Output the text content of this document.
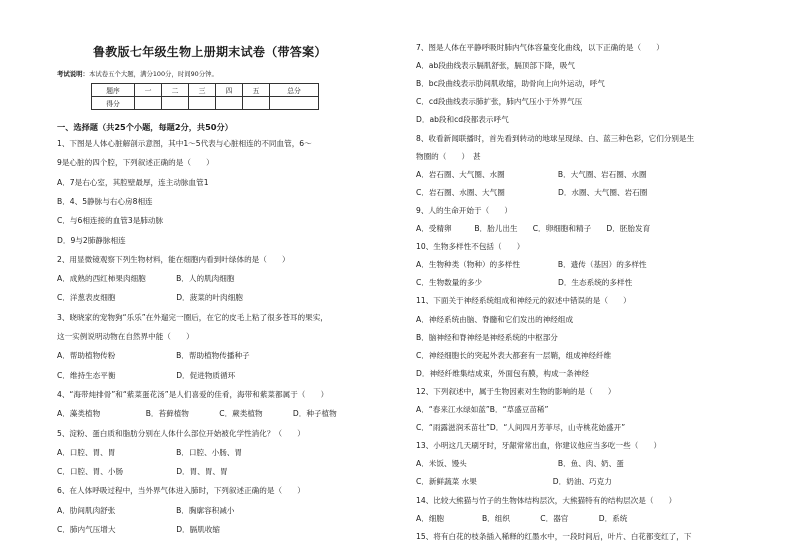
鲁教版七年级生物上册期末试卷（带答案）
考试说明：本试卷五个大题，满分100分，时间90分钟。
题序	一	二	三	四	五	总分
得分						
一、选择题（共25个小题，每题2分，共50分）
1、下图是人体心脏解剖示意图，其中1～5代表与心脏相连的不同血管，6～
9是心脏的四个腔，下列叙述正确的是（　　）
A．7是右心室，其腔壁最厚，连主动脉血管1
B．4、5静脉与右心房8相连
C．与6相连接的血管3是肺动脉
D．9与2肺静脉相连
2、用显微镜观察下列生物材料，能在细胞内看到叶绿体的是（　　）
A．成熟的西红柿果肉细胞　　　　B．人的肌肉细胞
C．洋葱表皮细胞　　　　　　　　D．菠菜的叶肉细胞
3、晓晓家的宠物狗“乐乐”在外遛完一圈后，在它的皮毛上粘了很多苍耳的果实，
这一实例说明动物在自然界中能（　　）
A．帮助植物传粉　　　　　　　　B．帮助植物传播种子
C．维持生态平衡　　　　　　　　D．促进物质循环
4、“海带炖排骨”和“紫菜蛋花汤”是人们喜爱的佳肴，海带和紫菜都属于（　　）
A．藻类植物　　　　　　B．苔藓植物　　　　C．蕨类植物　　　　D．种子植物
5、淀粉、蛋白质和脂肪分别在人体什么部位开始被化学性消化？（　　）
A．口腔、胃、胃　　　　　　　　B．口腔、小肠、胃
C．口腔、胃、小肠　　　　　　　D．胃、胃、胃
6、在人体呼吸过程中，当外界气体进入肺时，下列叙述正确的是（　　）
A．肋间肌肉舒张　　　　　　　　B．胸廓容积减小
C．肺内气压增大　　　　　　　　D．膈肌收缩
7、图是人体在平静呼吸时肺内气体容量变化曲线，以下正确的是（　　）
A．ab段曲线表示膈肌舒张，膈顶部下降，吸气
B．bc段曲线表示肋间肌收缩，助骨向上向外运动，呼气
C．cd段曲线表示肺扩张，肺内气压小于外界气压
D．ab段和cd段都表示呼气
8、收看新闻联播时，首先看到转动的地球呈现绿、白、蓝三种色彩，它们分别是生
物圈的（　　）　甚
A．岩石圈、大气圈、水圈　　　　　　　B．大气圈、岩石圈、水圈
C．岩石圈、水圈、大气圈　　　　　　　D．水圈、大气圈、岩石圈
9、人的生命开始于（　　）
A．受精卵　　　B．胎儿出生　　C．卵细胞和精子　　D．胚胎发育
10、生物多样性不包括（　　）
A．生物种类（物种）的多样性　　　　　B．遗传（基因）的多样性
C．生物数量的多少　　　　　　　　　　D．生态系统的多样性
11、下面关于神经系统组成和神经元的叙述中错误的是（　　）
A．神经系统由脑、脊髓和它们发出的神经组成
B．脑神经和脊神经是神经系统的中枢部分
C．神经细胞长的突起外表大都套有一层鞘，组成神经纤维
D．神经纤维集结成束，外面包有膜，构成一条神经
12、下列叙述中，属于生物因素对生物的影响的是（　　）
A．“春来江水绿如蓝”B．“草盛豆苗稀”
C．“雨露滋润禾苗壮”D．“人间四月芳菲尽，山寺桃花始盛开”
13、小明这几天刷牙时，牙龈常常出血，你建议他应当多吃一些（　　）
A．米饭、馒头　　　　　　　　　　　　B．鱼、肉、奶、蛋
C．新鲜蔬菜 水果　　　　　　　　　　D．奶油、巧克力
14、比较大熊猫与竹子的生物体结构层次，大熊猫特有的结构层次是（　　）
A．细胞　　　　　B．组织　　　　C．器官　　　　D．系统
15、将有白花的枝条插入稀释的红墨水中，一段时间后，叶片、白花都变红了，下
